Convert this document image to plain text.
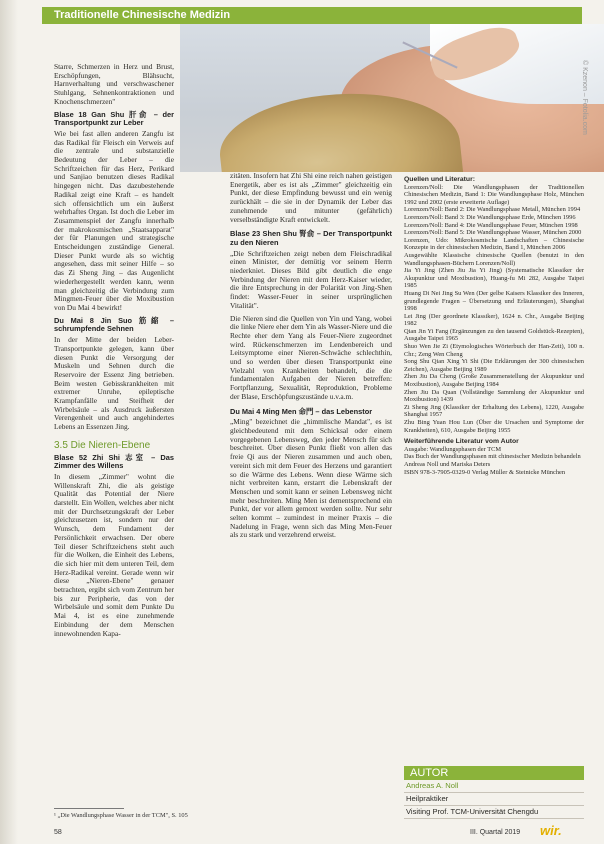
Traditionelle Chinesische Medizin
© Kzenon – Fotolia.com

Starre, Schmerzen in Herz und Brust, Erschöpfungen, Blähsucht, Harnverhaltung und verschwaschener Stuhlgang, Sehnenkontraktionen und Knochenschmerzen"

Blase 18 Gan Shu 肝俞 – der Transportpunkt zur Leber

Wie bei fast allen anderen Zangfu ist das Radikal für Fleisch ein Verweis auf die zentrale und substanzielle Bedeutung der Leber – die Schriftzeichen für das Herz, Perikard und Sanjiao benutzen dieses Radikal hingegen nicht. Das dazubestehende Radikal zeigt eine Kraft – es handelt sich offensichtlich um ein äußerst wehrhaftes Organ. Ist doch die Leber im Zusammenspiel der Zangfu innerhalb der makrokosmischen „Staatsapparat" der für Planungen und strategische Entscheidungen zuständige General. Dieser Punkt wurde als so wichtig angesehen, dass mit seiner Hilfe – so das Zi Sheng Jing – das Augenlicht wiederhergestellt werden kann, wenn man gleichzeitig die Verbindung zum Mingmen-Feuer über die Moxibustion von Du Mai 4 bewirkt!

Du Mai 8 Jin Suo 筋縮 – schrumpfende Sehnen

In der Mitte der beiden Leber-Transportpunkte gelegen, kann über diesen Punkt die Versorgung der Muskeln und Sehnen durch die Reservoire der Essenz Jing betrieben. Beim westen Gebisskrankheiten mit extremer Unruhe, epileptische Krampfanfälle und Steifheit der Wirbelsäule – als Ausdruck äußersten Verengenheit und auch angehindertes Lebens an Essenzen Jing.

3.5 Die Nieren-Ebene
Blase 52 Zhi Shi 志室 – Das Zimmer des Willens

In diesem „Zimmer" wohnt die Willenskraft Zhi, die als geistige Qualität das Potential der Niere darstellt. Ein Wollen, welches aber nicht mit der Durchsetzungskraft der Leber gleichzusetzen ist, sondern nur der Wunsch, dem Fundament der Persönlichkeit erwachsen. Der obere Teil dieser Schriftzeichens steht auch für die Wolken, die Einheit des Lebens, die sich hier mit dem unteren Teil, dem Herz-Radikal vereint. Gerade wenn wir diese „Nieren-Ebene" genauer betrachten, ergibt sich vom Zentrum her bis zur Peripherie, das von der Wirbelsäule und somit dem Punkte Du Mai 4, ist es eine zunehmende Einbindung der dem Menschen innewohnenden Kapa-

zitäten. Insofern hat Zhi Shi eine reich nahen geistigen Energetik, aber es ist als „Zimmer" gleichzeitig ein Punkt, der diese Empfindung bewusst und ein wenig zurückhält – die sie in der Dynamik der Leber das zunehmende und mitunter (gefährlich) verselbständigte Kraft entwickelt.

Blase 23 Shen Shu 腎俞 – Der Transportpunkt zu den Nieren

„Die Schriftzeichen zeigt neben dem Fleischradikal einen Minister, der demütig vor seinem Herrn niederkniet. Dieses Bild gibt deutlich die enge Verbindung der Nieren mit dem Herz-Kaiser wieder, die ihre Entsprechung in der Polarität von Jing-Shen findet: Wasser-Feuer in seiner ursprünglichen Vitalität".

Die Nieren sind die Quellen von Yin und Yang, wobei die linke Niere eher dem Yin als Wasser-Niere und die Rechte eher dem Yang als Feuer-Niere zugeordnet wird. Rückenschmerzen im Lendenbereich und Leitsymptome einer Nieren-Schwäche schlechthin, und so werden über diesen Transportpunkt eine Vielzahl von Krankheiten behandelt, die die fundamentalen Aufgaben der Nieren betreffen: Fortpflanzung, Sexualität, Reproduktion, Probleme der Blase, Erschöpfungszustände u.v.a.m.

Du Mai 4 Ming Men 命門 – das Lebenstor

„Ming" bezeichnet die „himmlische Mandat", es ist gleichbedeutend mit dem Schicksal oder einem vorgegebenen Lebensweg, den jeder Mensch für sich beschreitet. Über diesen Punkt fließt von allen das freie Qi aus der Nieren zusammen und auch oben, vereint sich mit dem Feuer des Herzens und garantiert so die Wärme des Lebens. Wenn diese Wärme sich nicht verbreiten kann, erstarrt die Lebenskraft der Menschen und somit kann er seinen Lebensweg nicht mehr beschreiten. Ming Men ist dementsprechend ein Punkt, der vor allem gemoxt werden sollte. Nur sehr selten kommt – zumindest in meiner Praxis – die Nadelung in Frage, wenn sich das Ming Men-Feuer als zu stark und verzehrend erweist.

Quellen und Literatur:

Lorenzen/Noll: Die Wandlungsphasen der Traditionellen Chinesischen Medizin, Band 1: Die Wandlungsphase Holz, München 1992 und 2002 (erste erweiterte Auflage)

Lorenzen/Noll: Band 2: Die Wandlungsphase Metall, München 1994

Lorenzen/Noll: Band 3: Die Wandlungsphase Erde, München 1996

Lorenzen/Noll: Band 4: Die Wandlungsphase Feuer, München 1998

Lorenzen/Noll: Band 5: Die Wandlungsphase Wasser, München 2000

Lorenzen, Udo: Mikrokosmische Landschaften – Chinesische Konzepte in der chinesischen Medizin, Band 1, München 2006

Ausgewählte Klassische chinesische Quellen (benutzt in den Wandlungsphasen-Büchern Lorenzen/Noll)

Jia Yi Jing (Zhen Jiu Jia Yi Jing) (Systematische Klassiker der Akupunktur und Moxibustion), Huang-fu Mi 282, Ausgabe Taipei 1985

Huang Di Nei Jing Su Wen (Der gelbe Kaisers Klassiker des Inneren, grundlegende Fragen – Übersetzung und Erläuterungen), Shanghai 1998

Lei Jing (Der geordnete Klassiker), 1624 n. Chr., Ausgabe Beijing 1982

Qian Jin Yi Fang (Ergänzungen zu den tausend Goldstück-Rezepten), Ausgabe Taipei 1965

Shuo Wen Jie Zi (Etymologisches Wörterbuch der Han-Zeit), 100 n. Chr.; Zeng Wen Cheng

Song Shu Qian Xing Yi Shi (Die Erklärungen der 300 chinesischen Zeichen), Ausgabe Beijing 1989

Zhen Jiu Da Cheng (Große Zusammenstellung der Akupunktur und Moxibustion), Ausgabe Beijing 1984

Zhen Jiu Da Quan (Vollständige Sammlung der Akupunktur und Moxibustion) 1439

Zi Sheng Jing (Klassiker der Erhaltung des Lebens), 1220, Ausgabe Shanghai 1957

Zhu Bing Yuan Hou Lun (Über die Ursachen und Symptome der Krankheiten), 610, Ausgabe Beijing 1955

Weiterführende Literatur vom Autor

Ausgabe: Wandlungsphasen der TCM

Das Buch der Wandlungsphasen mit chinesischer Medizin behandeln

Andreas Noll und Mariska Deters

ISBN 978-3-7905-0329-0 Verlag Müller & Steinicke München

AUTOR
Andreas A. Noll
Heilpraktiker
Visiting Prof. TCM-Universität Chengdu
¹ „Die Wandlungsphase Wasser in der TCM", S. 105
58	III. Quartal 2019 wir.
